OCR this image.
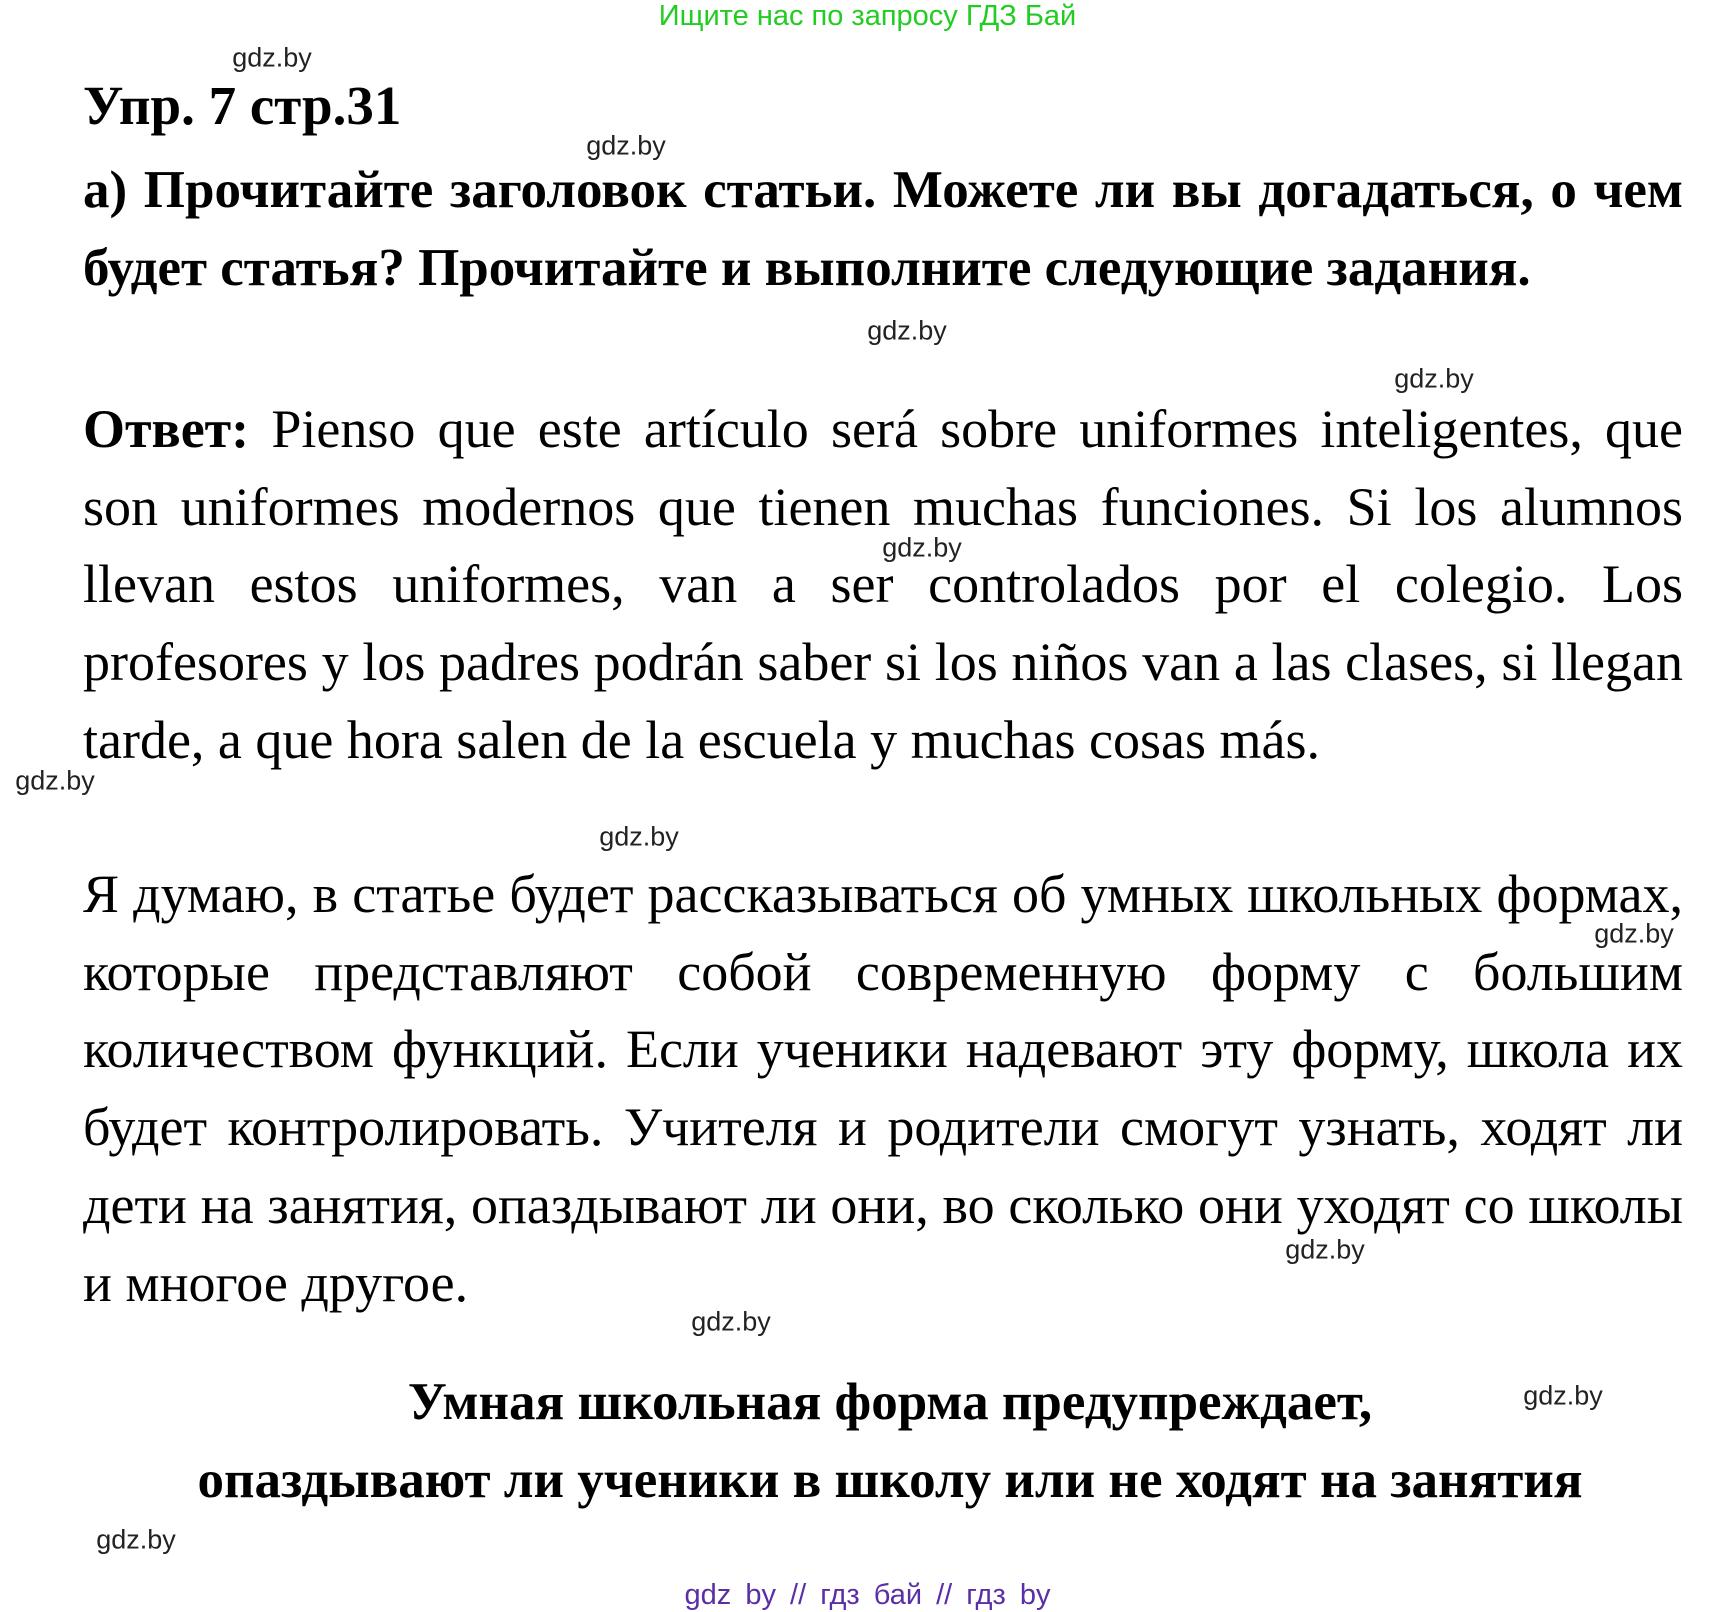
Ищите нас по запросу ГДЗ Бай
Упр. 7 стр.31
а) Прочитайте заголовок статьи. Можете ли вы догадаться, о чем будет статья? Прочитайте и выполните следующие задания.
Ответ: Pienso que este artículo será sobre uniformes inteligentes, que son uniformes modernos que tienen muchas funciones. Si los alumnos llevan estos uniformes, van a ser controlados por el colegio. Los profesores y los padres podrán saber si los niños van a las clases, si llegan tarde, a que hora salen de la escuela y muchas cosas más.
Я думаю, в статье будет рассказываться об умных школьных формах, которые представляют собой современную форму с большим количеством функций. Если ученики надевают эту форму, школа их будет контролировать. Учителя и родители смогут узнать, ходят ли дети на занятия, опаздывают ли они, во сколько они уходят со школы и многое другое.
Умная школьная форма предупреждает,
опаздывают ли ученики в школу или не ходят на занятия
gdz.by
gdz.by
gdz.by
gdz.by
gdz.by
gdz.by
gdz.by
gdz.by
gdz.by
gdz.by
gdz.by
gdz.by
gdz by // гдз бай // гдз by
